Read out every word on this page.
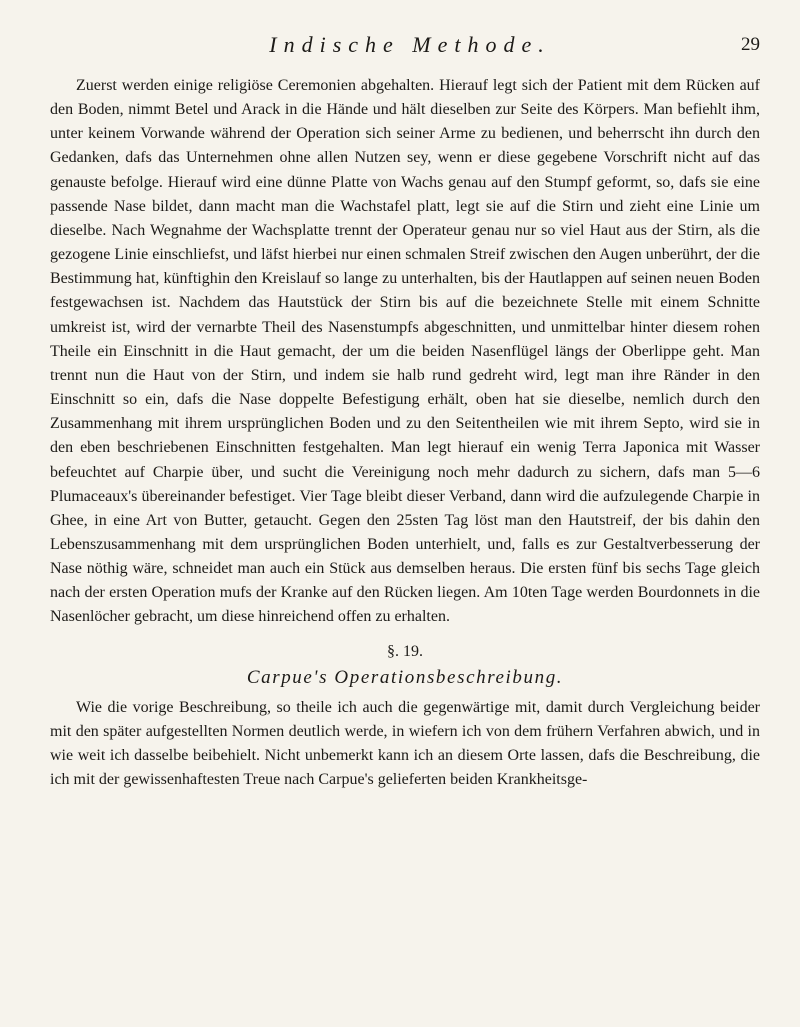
Indische Methode.	29

Zuerst werden einige religiöse Ceremonien abgehalten. Hierauf legt sich der Patient mit dem Rücken auf den Boden, nimmt Betel und Arack in die Hände und hält dieselben zur Seite des Körpers. Man befiehlt ihm, unter keinem Vorwande während der Operation sich seiner Arme zu bedienen, und beherrscht ihn durch den Gedanken, dafs das Unternehmen ohne allen Nutzen sey, wenn er diese gegebene Vorschrift nicht auf das genauste befolge. Hierauf wird eine dünne Platte von Wachs genau auf den Stumpf geformt, so, dafs sie eine passende Nase bildet, dann macht man die Wachstafel platt, legt sie auf die Stirn und zieht eine Linie um dieselbe. Nach Wegnahme der Wachsplatte trennt der Operateur genau nur so viel Haut aus der Stirn, als die gezogene Linie einschliefst, und läfst hierbei nur einen schmalen Streif zwischen den Augen unberührt, der die Bestimmung hat, künftighin den Kreislauf so lange zu unterhalten, bis der Hautlappen auf seinen neuen Boden festgewachsen ist. Nachdem das Hautstück der Stirn bis auf die bezeichnete Stelle mit einem Schnitte umkreist ist, wird der vernarbte Theil des Nasenstumpfs abgeschnitten, und unmittelbar hinter diesem rohen Theile ein Einschnitt in die Haut gemacht, der um die beiden Nasenflügel längs der Oberlippe geht. Man trennt nun die Haut von der Stirn, und indem sie halb rund gedreht wird, legt man ihre Ränder in den Einschnitt so ein, dafs die Nase doppelte Befestigung erhält, oben hat sie dieselbe, nemlich durch den Zusammenhang mit ihrem ursprünglichen Boden und zu den Seitentheilen wie mit ihrem Septo, wird sie in den eben beschriebenen Einschnitten festgehalten. Man legt hierauf ein wenig Terra Japonica mit Wasser befeuchtet auf Charpie über, und sucht die Vereinigung noch mehr dadurch zu sichern, dafs man 5—6 Plumaceaux's übereinander befestiget. Vier Tage bleibt dieser Verband, dann wird die aufzulegende Charpie in Ghee, in eine Art von Butter, getaucht. Gegen den 25sten Tag löst man den Hautstreif, der bis dahin den Lebenszusammenhang mit dem ursprünglichen Boden unterhielt, und, falls es zur Gestaltverbesserung der Nase nöthig wäre, schneidet man auch ein Stück aus demselben heraus. Die ersten fünf bis sechs Tage gleich nach der ersten Operation mufs der Kranke auf den Rücken liegen. Am 10ten Tage werden Bourdonnets in die Nasenlöcher gebracht, um diese hinreichend offen zu erhalten.

§. 19.
Carpue's Operationsbeschreibung.

Wie die vorige Beschreibung, so theile ich auch die gegenwärtige mit, damit durch Vergleichung beider mit den später aufgestellten Normen deutlich werde, in wiefern ich von dem frühern Verfahren abwich, und in wie weit ich dasselbe beibehielt. Nicht unbemerkt kann ich an diesem Orte lassen, dafs die Beschreibung, die ich mit der gewissenhaftesten Treue nach Carpue's gelieferten beiden Krankheitsge-
